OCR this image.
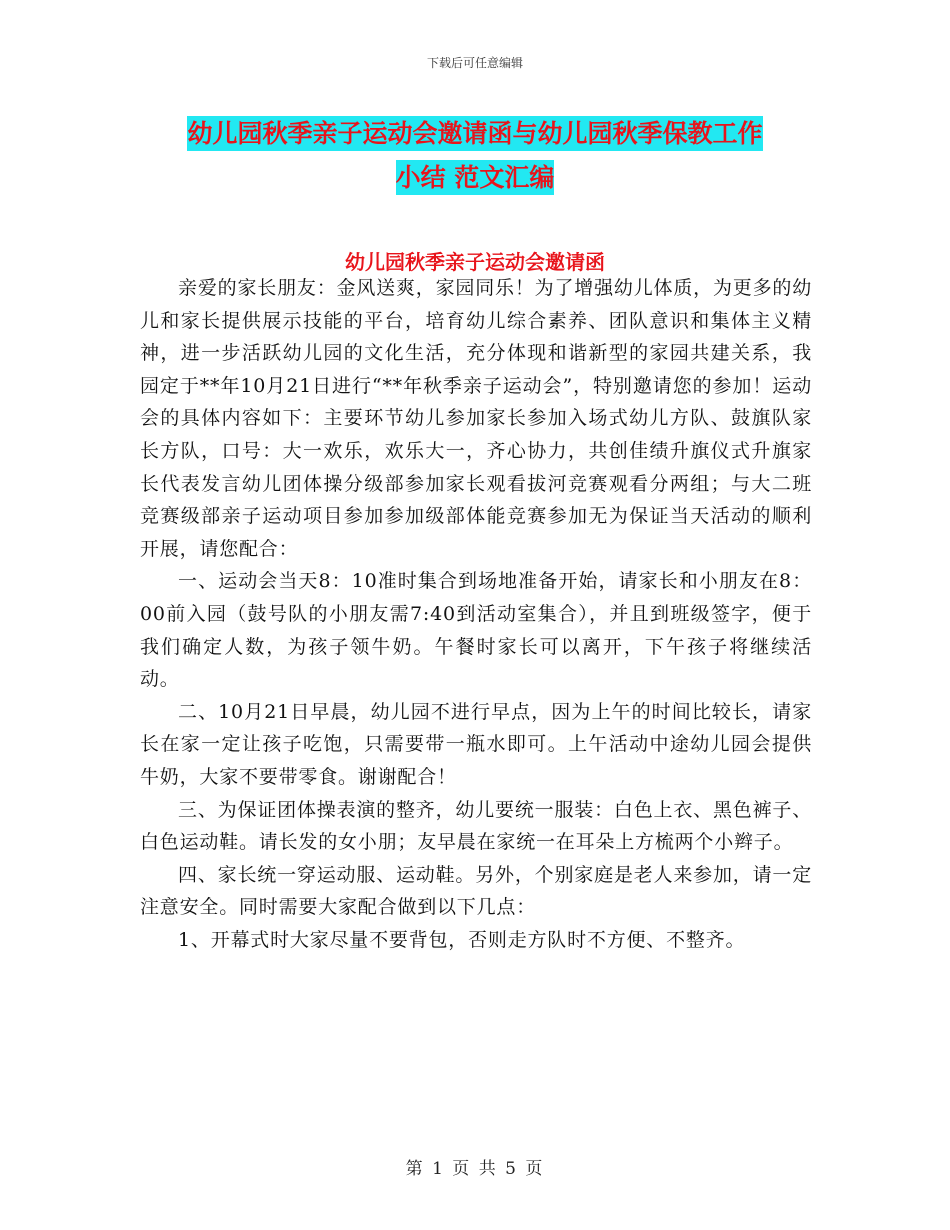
下载后可任意编辑
幼儿园秋季亲子运动会邀请函与幼儿园秋季保教工作
小结 范文汇编
幼儿园秋季亲子运动会邀请函

亲爱的家长朋友：金风送爽，家园同乐！为了增强幼儿体质，为更多的幼儿和家长提供展示技能的平台，培育幼儿综合素养、团队意识和集体主义精神，进一步活跃幼儿园的文化生活，充分体现和谐新型的家园共建关系，我园定于**年10月21日进行“**年秋季亲子运动会”，特别邀请您的参加！运动会的具体内容如下：主要环节幼儿参加家长参加入场式幼儿方队、鼓旗队家长方队，口号：大一欢乐，欢乐大一，齐心协力，共创佳绩升旗仪式升旗家长代表发言幼儿团体操分级部参加家长观看拔河竞赛观看分两组；与大二班竞赛级部亲子运动项目参加参加级部体能竞赛参加无为保证当天活动的顺利开展，请您配合：

一、运动会当天8：10准时集合到场地准备开始，请家长和小朋友在8：00前入园（鼓号队的小朋友需7:40到活动室集合），并且到班级签字，便于我们确定人数，为孩子领牛奶。午餐时家长可以离开，下午孩子将继续活动。

二、10月21日早晨，幼儿园不进行早点，因为上午的时间比较长，请家长在家一定让孩子吃饱，只需要带一瓶水即可。上午活动中途幼儿园会提供牛奶，大家不要带零食。谢谢配合！

三、为保证团体操表演的整齐，幼儿要统一服装：白色上衣、黑色裤子、白色运动鞋。请长发的女小朋；友早晨在家统一在耳朵上方梳两个小辫子。

四、家长统一穿运动服、运动鞋。另外，个别家庭是老人来参加，请一定注意安全。同时需要大家配合做到以下几点：

1、开幕式时大家尽量不要背包，否则走方队时不方便、不整齐。

第 1 页 共 5 页
